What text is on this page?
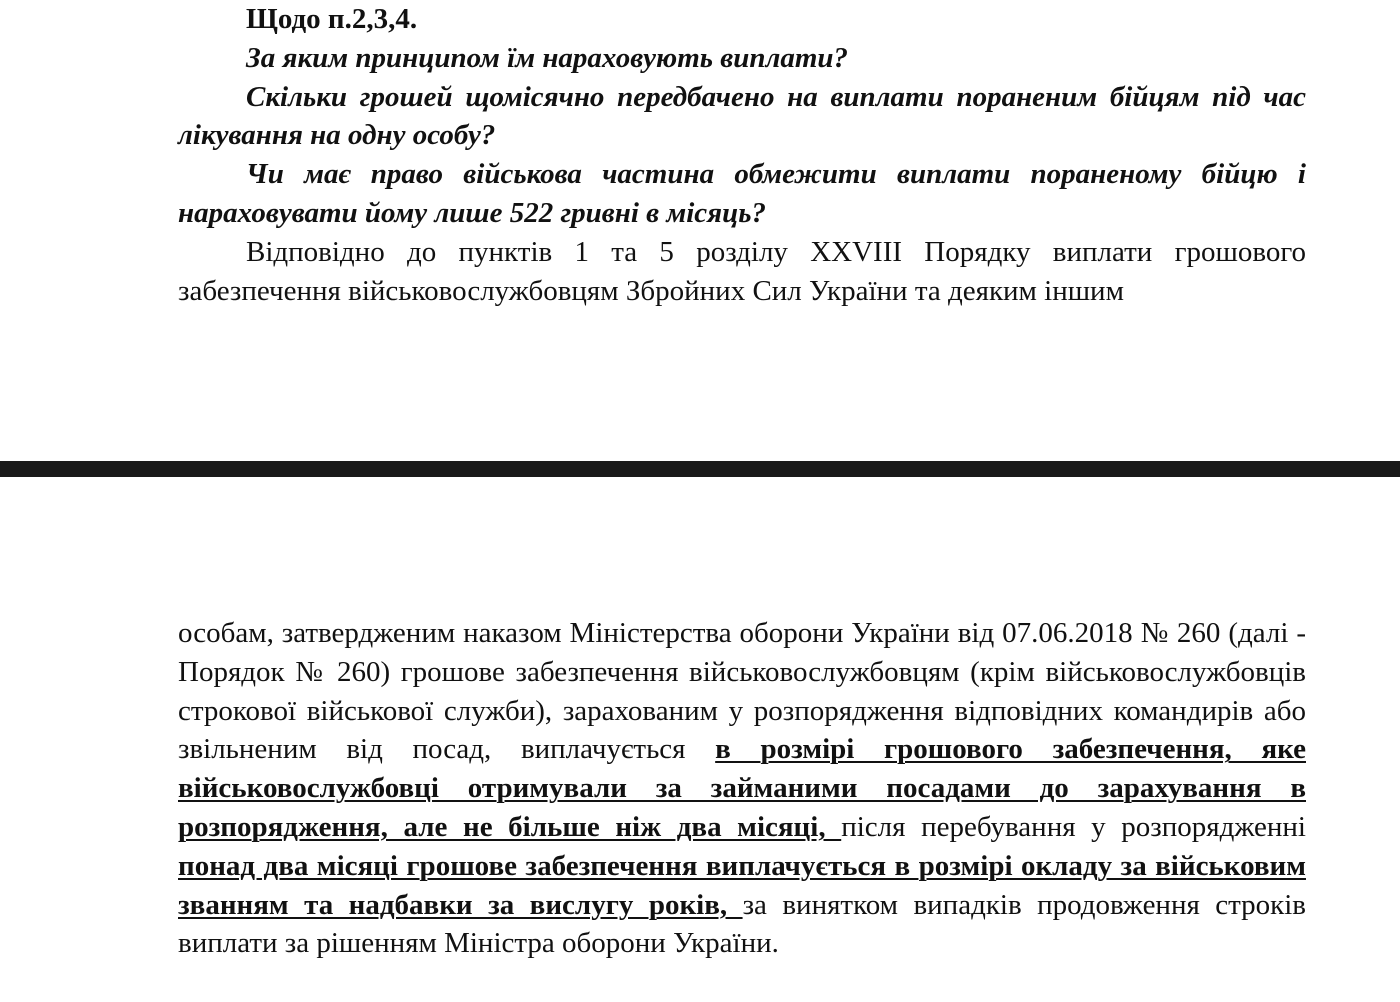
Щодо п.2,3,4.

За яким принципом їм нараховують виплати?

Скільки грошей щомісячно передбачено на виплати пораненим бійцям під час лікування на одну особу?

Чи має право військова частина обмежити виплати пораненому бійцю і нараховувати йому лише 522 гривні в місяць?

Відповідно до пунктів 1 та 5 розділу XXVIII Порядку виплати грошового забезпечення військовослужбовцям Збройних Сил України та деяким іншим

особам, затвердженим наказом Міністерства оборони України від 07.06.2018 № 260 (далі - Порядок № 260) грошове забезпечення військовослужбовцям (крім військовослужбовців строкової військової служби), зарахованим у розпорядження відповідних командирів або звільненим від посад, виплачується в розмірі грошового забезпечення, яке військовослужбовці отримували за займаними посадами до зарахування в розпорядження, але не більше ніж два місяці, після перебування у розпорядженні понад два місяці грошове забезпечення виплачується в розмірі окладу за військовим званням та надбавки за вислугу років, за винятком випадків продовження строків виплати за рішенням Міністра оборони України.
